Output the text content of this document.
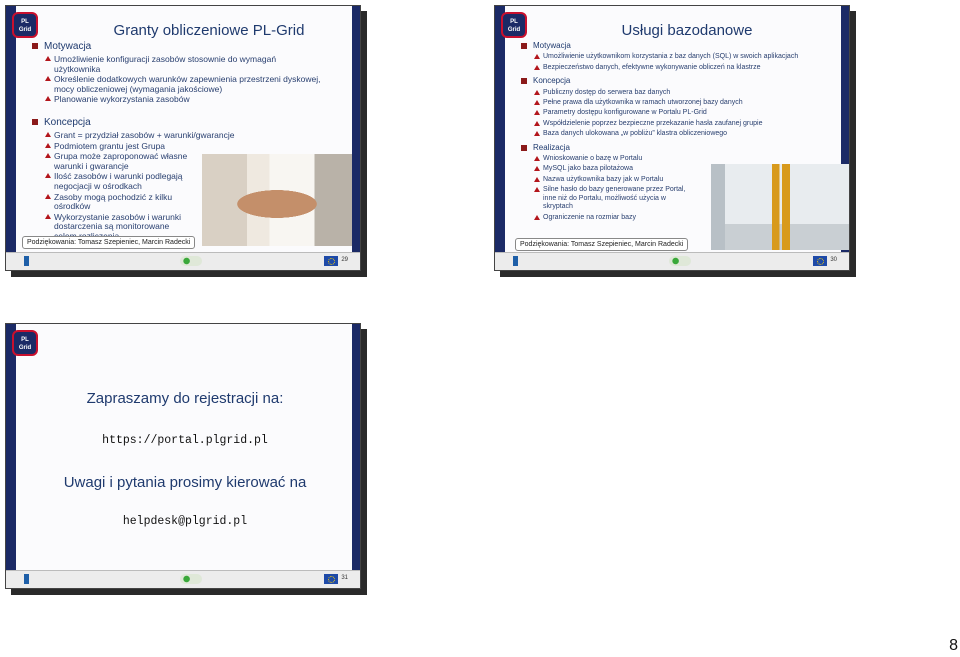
PL
Grid	Granty obliczeniowe PL-Grid
Motywacja
Umożliwienie konfiguracji zasobów stosownie do wymagań użytkownika
Określenie dodatkowych warunków zapewnienia przestrzeni dyskowej, mocy obliczeniowej (wymagania jakościowe)
Planowanie wykorzystania zasobów
Koncepcja
Grant = przydział zasobów + warunki/gwarancje
Podmiotem grantu jest Grupa
Grupa może zaproponować własne warunki i gwarancje
Ilość zasobów i warunki podlegają negocjacji w ośrodkach
Zasoby mogą pochodzić z kilku ośrodków
Wykorzystanie zasobów i warunki dostarczenia są monitorowane
Podziękowania: Tomasz Szepieniec, Marcin Radecki
29
PL
Grid	Usługi bazodanowe
Motywacja
Umożliwienie użytkownikom korzystania z baz danych (SQL) w swoich aplikacjach
Bezpieczeństwo danych, efektywne wykonywanie obliczeń na klastrze
Koncepcja
Publiczny dostęp do serwera baz danych
Pełne prawa dla użytkownika w ramach utworzonej bazy danych
Parametry dostępu konfigurowane w Portalu PL-Grid
Współdzielenie poprzez bezpieczne przekazanie hasła zaufanej grupie
Baza danych ulokowana „w pobliżu” klastra obliczeniowego
Realizacja
Wnioskowanie o bazę w Portalu
MySQL jako baza pilotażowa
Nazwa użytkownika bazy jak w Portalu
Silne hasło do bazy generowane przez Portal, inne niż do Portalu, możliwość użycia w skryptach
Ograniczenie na rozmiar bazy
Podziękowania: Tomasz Szepieniec, Marcin Radecki
30
PL
Grid

Zapraszamy do rejestracji na:

https://portal.plgrid.pl

Uwagi i pytania prosimy kierować na

helpdesk@plgrid.pl

31
8
